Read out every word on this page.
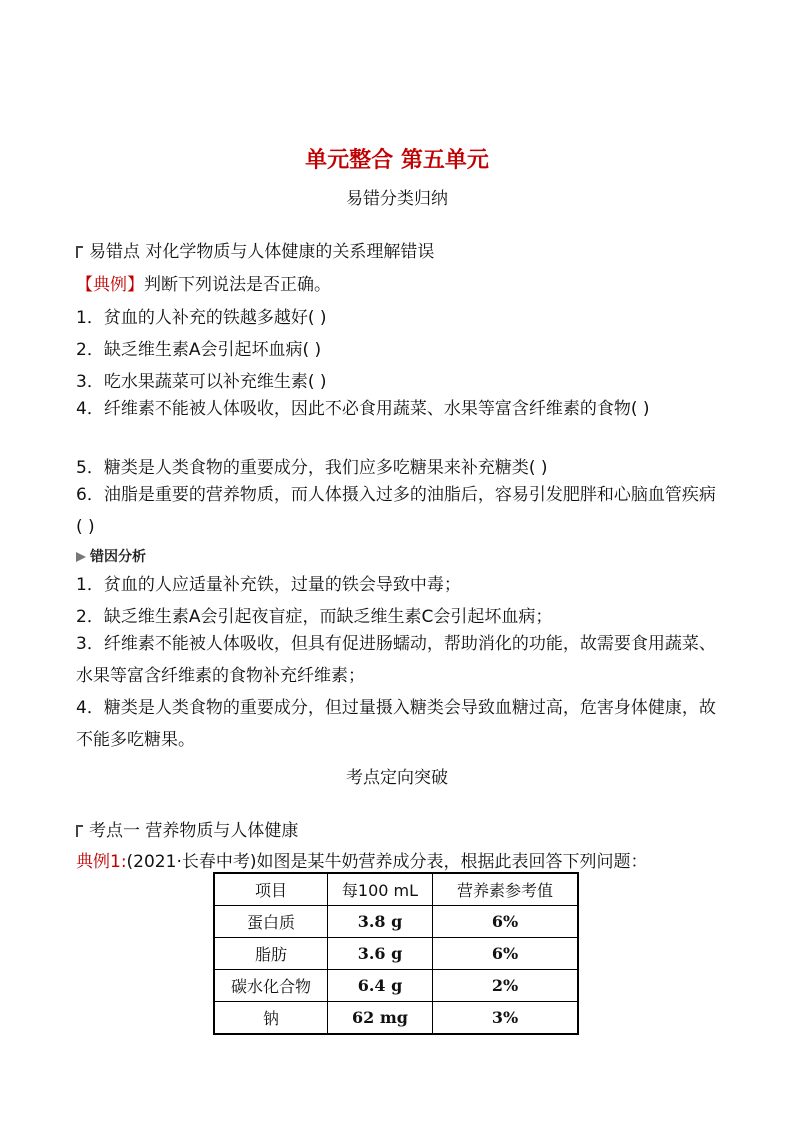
单元整合 第五单元
易错分类归纳
易错点 对化学物质与人体健康的关系理解错误
【典例】判断下列说法是否正确。
1．贫血的人补充的铁越多越好( )
2．缺乏维生素A会引起坏血病( )
3．吃水果蔬菜可以补充维生素( )
4．纤维素不能被人体吸收，因此不必食用蔬菜、水果等富含纤维素的食物( )
5．糖类是人类食物的重要成分，我们应多吃糖果来补充糖类( )
6．油脂是重要的营养物质，而人体摄入过多的油脂后，容易引发肥胖和心脑血管疾病( )
错因分析
1．贫血的人应适量补充铁，过量的铁会导致中毒；
2．缺乏维生素A会引起夜盲症，而缺乏维生素C会引起坏血病；
3．纤维素不能被人体吸收，但具有促进肠蠕动，帮助消化的功能，故需要食用蔬菜、水果等富含纤维素的食物补充纤维素；
4．糖类是人类食物的重要成分，但过量摄入糖类会导致血糖过高，危害身体健康，故不能多吃糖果。
考点定向突破
考点一 营养物质与人体健康
典例1:(2021·长春中考)如图是某牛奶营养成分表，根据此表回答下列问题：
项目	每100 mL	营养素参考值
蛋白质	3.8 g	6%
脂肪	3.6 g	6%
碳水化合物	6.4 g	2%
钠	62 mg	3%
